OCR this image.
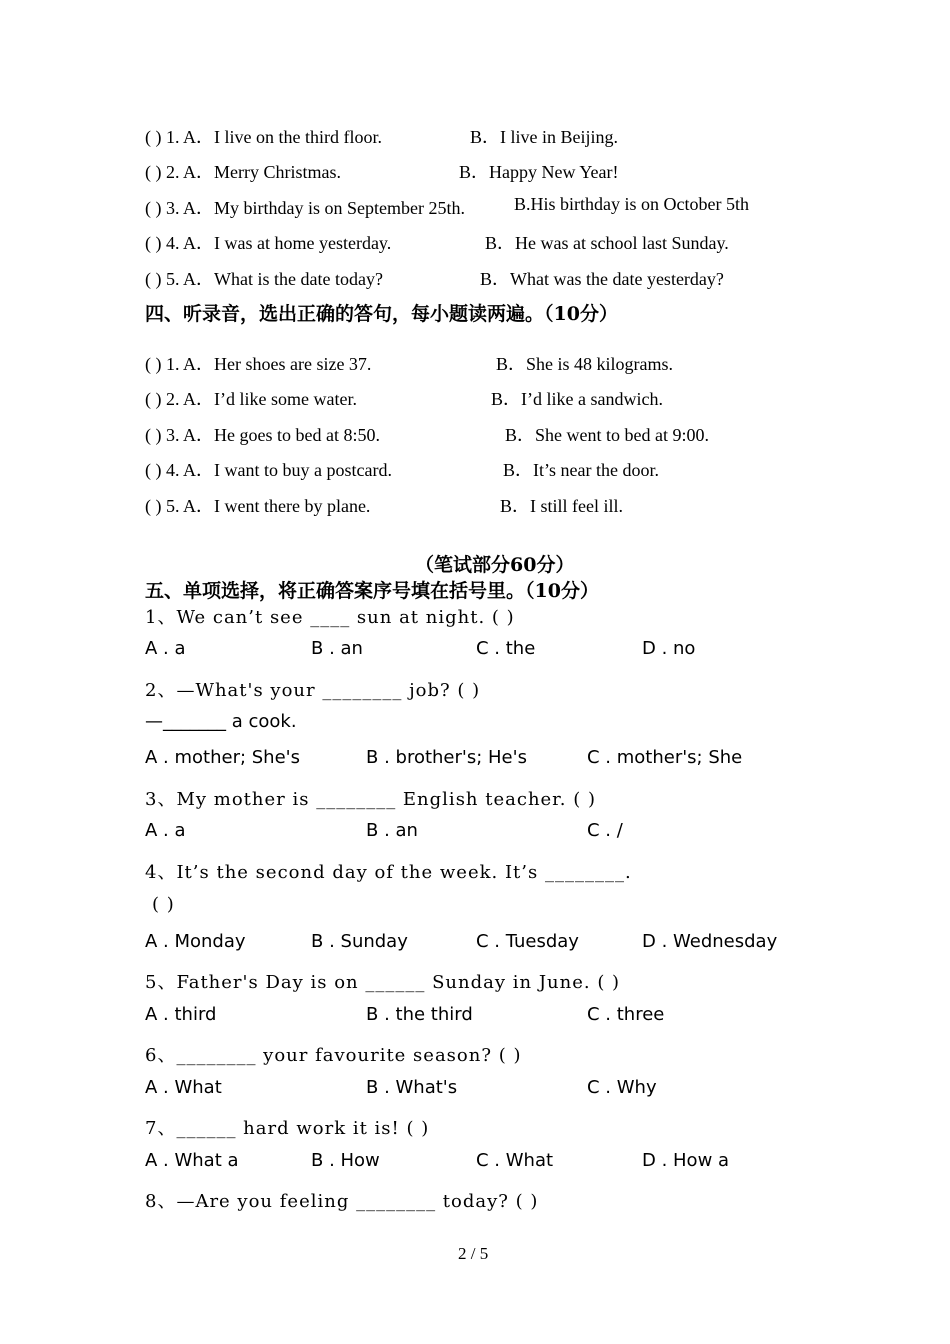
( ) 1. A．I live on the third floor.	B．I live in Beijing.
( ) 2. A．Merry Christmas.	B．Happy New Year!
( ) 3. A．My birthday is on September 25th.	B.His birthday is on October 5th
( ) 4. A．I was at home yesterday.	B．He was at school last Sunday.
( ) 5. A．What is the date today?	B．What was the date yesterday?
四、听录音，选出正确的答句，每小题读两遍。（10分）
( ) 1. A．Her shoes are size 37.	B．She is 48 kilograms.
( ) 2. A．I’d like some water.	B．I’d like a sandwich.
( ) 3. A．He goes to bed at 8:50.	B．She went to bed at 9:00.
( ) 4. A．I want to buy a postcard.	B．It’s near the door.
( ) 5. A．I went there by plane.	B．I still feel ill.
（笔试部分60分）
五、单项选择，将正确答案序号填在括号里。（10分）
1、We can’t see ____ sun at night. ( )
A . a	B . an	C . the	D . no
2、—What's your ________ job? ( )
—_______ a cook.
A . mother; She's	B . brother's; He's	C . mother's; She
3、My mother is ________ English teacher. ( )
A . a	B . an	C . /
4、It’s the second day of the week. It’s ________.
( )
A . Monday	B . Sunday	C . Tuesday	D . Wednesday
5、Father's Day is on ______ Sunday in June. ( )
A . third	B . the third	C . three
6、________ your favourite season? ( )
A . What	B . What's	C . Why
7、______ hard work it is! ( )
A . What a	B . How	C . What	D . How a
8、—Are you feeling ________ today? ( )
2 / 5
